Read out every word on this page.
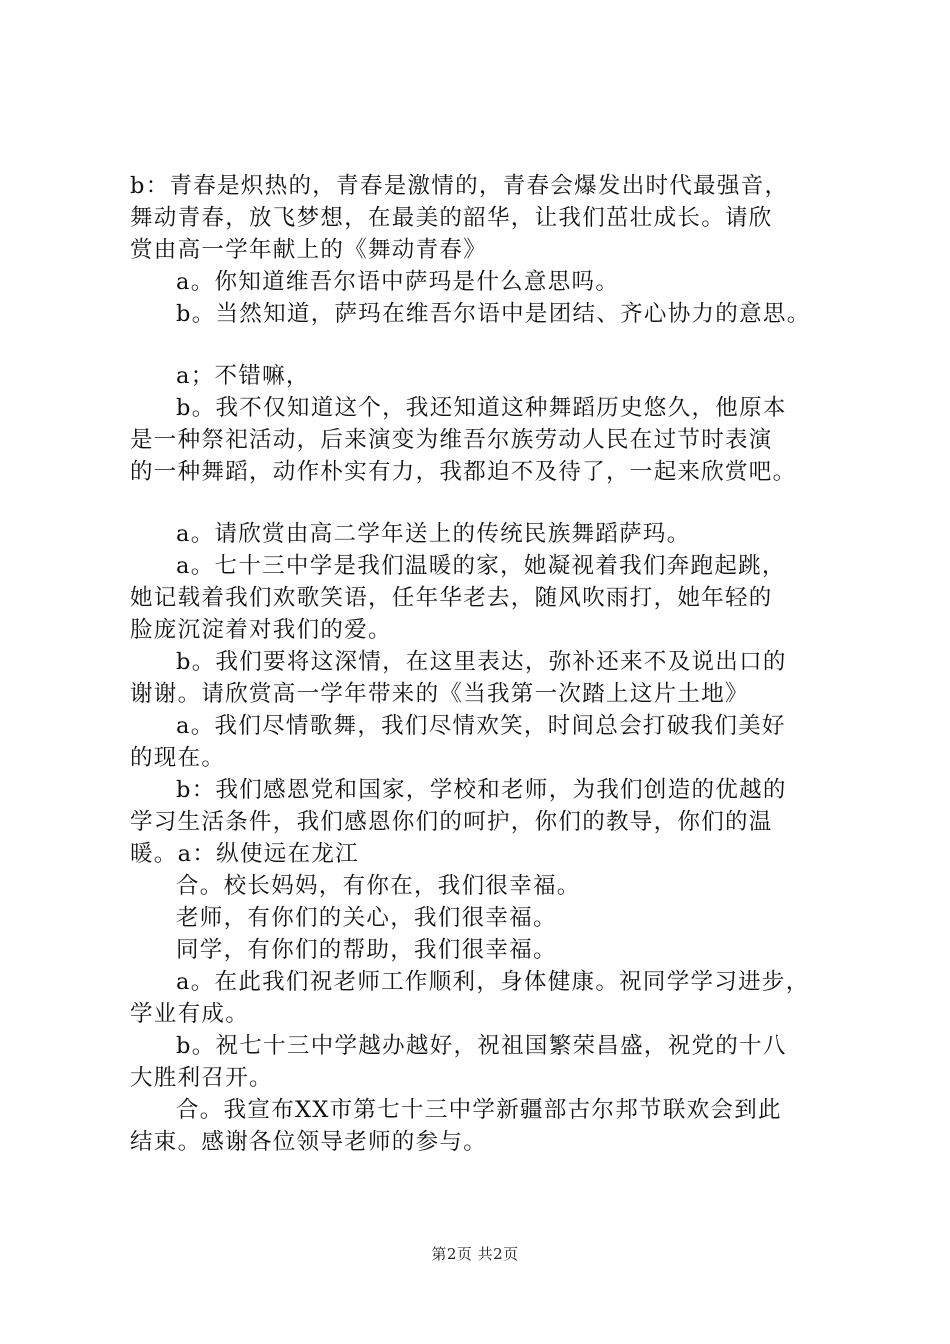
b：青春是炽热的，青春是激情的，青春会爆发出时代最强音，
舞动青春，放飞梦想，在最美的韶华，让我们茁壮成长。请欣
赏由高一学年献上的《舞动青春》
a。你知道维吾尔语中萨玛是什么意思吗。
b。当然知道，萨玛在维吾尔语中是团结、齐心协力的意思。
a；不错嘛，
b。我不仅知道这个，我还知道这种舞蹈历史悠久，他原本
是一种祭祀活动，后来演变为维吾尔族劳动人民在过节时表演
的一种舞蹈，动作朴实有力，我都迫不及待了，一起来欣赏吧。
a。请欣赏由高二学年送上的传统民族舞蹈萨玛。
a。七十三中学是我们温暖的家，她凝视着我们奔跑起跳，
她记载着我们欢歌笑语，任年华老去，随风吹雨打，她年轻的
脸庞沉淀着对我们的爱。
b。我们要将这深情，在这里表达，弥补还来不及说出口的
谢谢。请欣赏高一学年带来的《当我第一次踏上这片土地》
a。我们尽情歌舞，我们尽情欢笑，时间总会打破我们美好
的现在。
b：我们感恩党和国家，学校和老师，为我们创造的优越的
学习生活条件，我们感恩你们的呵护，你们的教导，你们的温
暖。a：纵使远在龙江
合。校长妈妈，有你在，我们很幸福。
老师，有你们的关心，我们很幸福。
同学，有你们的帮助，我们很幸福。
a。在此我们祝老师工作顺利，身体健康。祝同学学习进步，
学业有成。
b。祝七十三中学越办越好，祝祖国繁荣昌盛，祝党的十八
大胜利召开。
合。我宣布XX市第七十三中学新疆部古尔邦节联欢会到此
结束。感谢各位领导老师的参与。
第2页 共2页
